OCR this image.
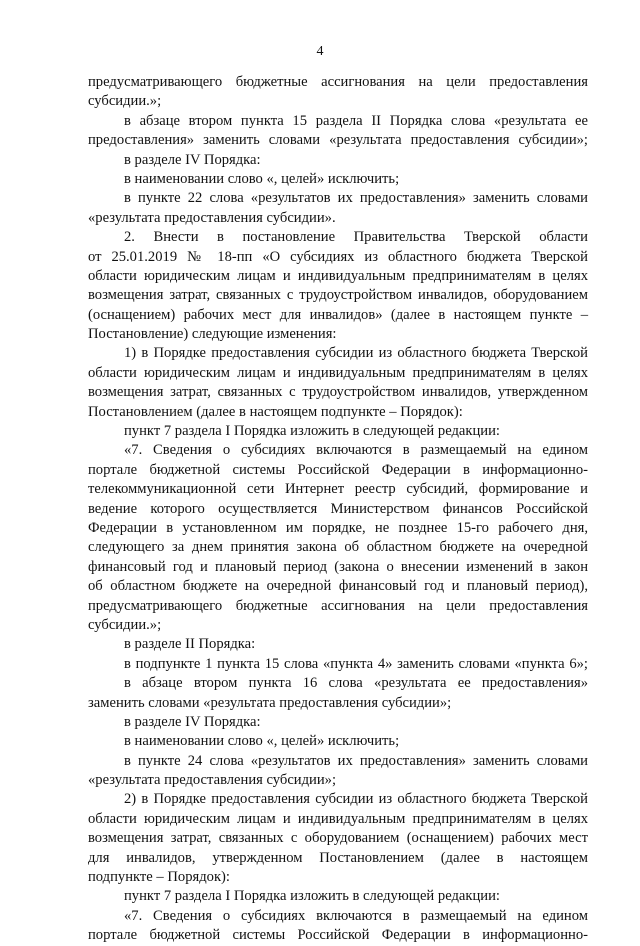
4
предусматривающего бюджетные ассигнования на цели предоставления
субсидии.»;
в абзаце втором пункта 15 раздела II Порядка слова «результата ее
предоставления» заменить словами «результата предоставления субсидии»;
в разделе IV Порядка:
в наименовании слово «, целей» исключить;
в пункте 22 слова «результатов их предоставления» заменить словами
«результата предоставления субсидии».
2. Внести в постановление Правительства Тверской области
от 25.01.2019 № 18-пп «О субсидиях из областного бюджета Тверской
области юридическим лицам и индивидуальным предпринимателям в целях
возмещения затрат, связанных с трудоустройством инвалидов, оборудованием
(оснащением) рабочих мест для инвалидов» (далее в настоящем пункте –
Постановление) следующие изменения:
1) в Порядке предоставления субсидии из областного бюджета Тверской
области юридическим лицам и индивидуальным предпринимателям в целях
возмещения затрат, связанных с трудоустройством инвалидов, утвержденном
Постановлением (далее в настоящем подпункте – Порядок):
пункт 7 раздела I Порядка изложить в следующей редакции:
«7. Сведения о субсидиях включаются в размещаемый на едином
портале бюджетной системы Российской Федерации в информационно-
телекоммуникационной сети Интернет реестр субсидий, формирование и
ведение которого осуществляется Министерством финансов Российской
Федерации в установленном им порядке, не позднее 15-го рабочего дня,
следующего за днем принятия закона об областном бюджете на очередной
финансовый год и плановый период (закона о внесении изменений в закон
об областном бюджете на очередной финансовый год и плановый период),
предусматривающего бюджетные ассигнования на цели предоставления
субсидии.»;
в разделе II Порядка:
в подпункте 1 пункта 15 слова «пункта 4» заменить словами «пункта 6»;
в абзаце втором пункта 16 слова «результата ее предоставления»
заменить словами «результата предоставления субсидии»;
в разделе IV Порядка:
в наименовании слово «, целей» исключить;
в пункте 24 слова «результатов их предоставления» заменить словами
«результата предоставления субсидии»;
2) в Порядке предоставления субсидии из областного бюджета Тверской
области юридическим лицам и индивидуальным предпринимателям в целях
возмещения затрат, связанных с оборудованием (оснащением) рабочих мест
для инвалидов, утвержденном Постановлением (далее в настоящем
подпункте – Порядок):
пункт 7 раздела I Порядка изложить в следующей редакции:
«7. Сведения о субсидиях включаются в размещаемый на едином
портале бюджетной системы Российской Федерации в информационно-
